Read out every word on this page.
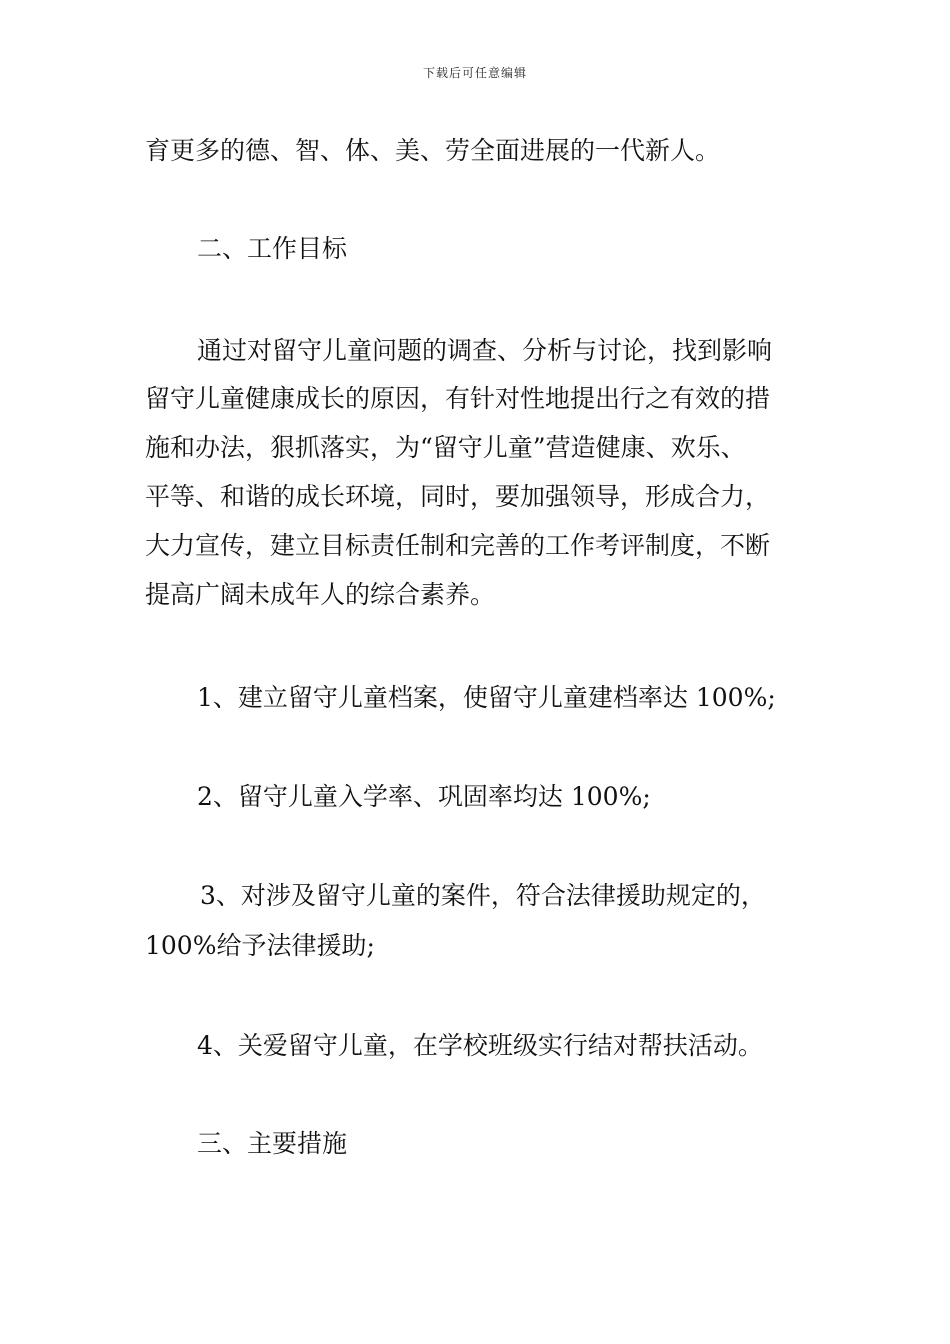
下载后可任意编辑
育更多的德、智、体、美、劳全面进展的一代新人。
二、工作目标
通过对留守儿童问题的调查、分析与讨论，找到影响
留守儿童健康成长的原因，有针对性地提出行之有效的措
施和办法，狠抓落实，为“留守儿童”营造健康、欢乐、
平等、和谐的成长环境，同时，要加强领导，形成合力，
大力宣传，建立目标责任制和完善的工作考评制度，不断
提高广阔未成年人的综合素养。
1、建立留守儿童档案，使留守儿童建档率达 100%;
2、留守儿童入学率、巩固率均达 100%;
3、对涉及留守儿童的案件，符合法律援助规定的，
100%给予法律援助;
4、关爱留守儿童，在学校班级实行结对帮扶活动。
三、主要措施
